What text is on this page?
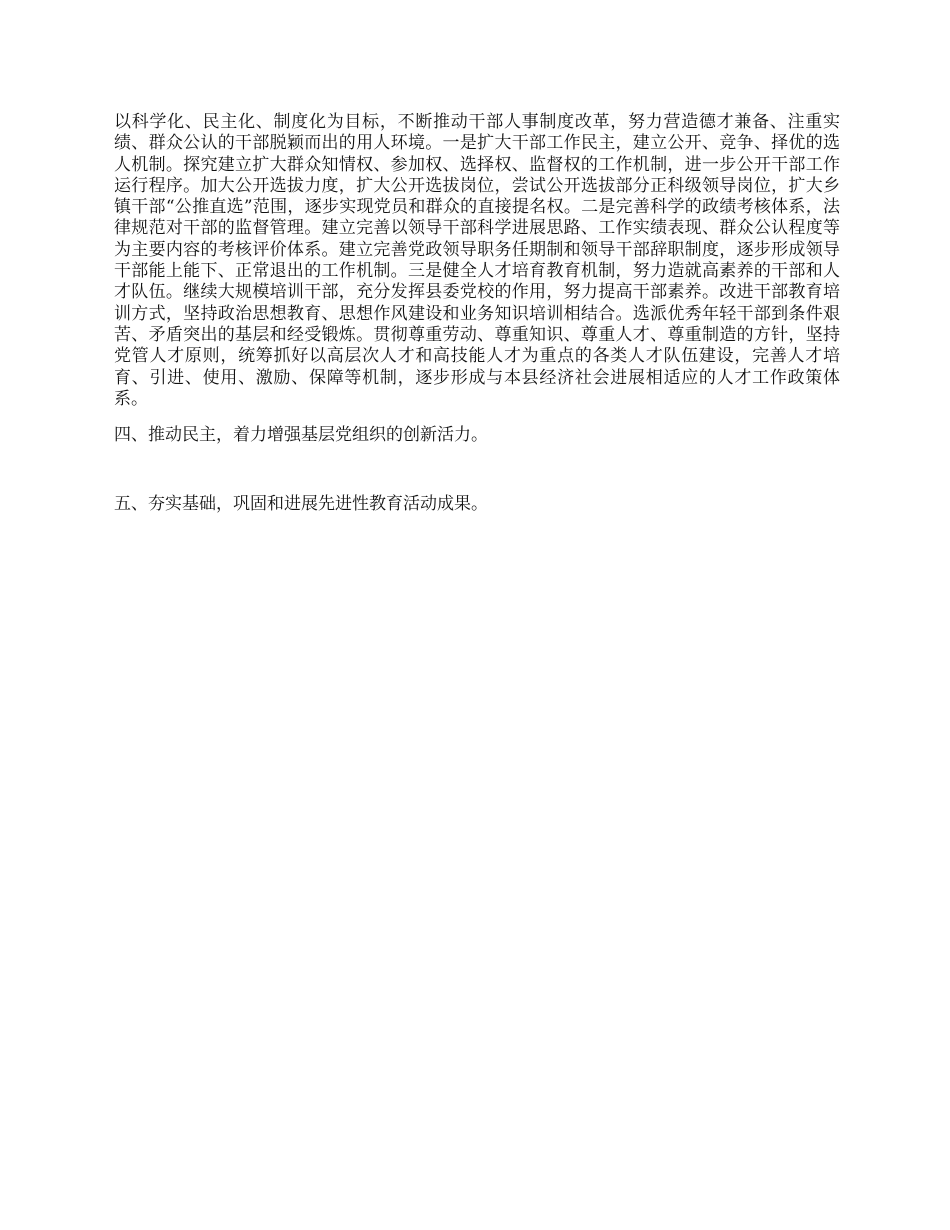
以科学化、民主化、制度化为目标，不断推动干部人事制度改革，努力营造德才兼备、注重实绩、群众公认的干部脱颖而出的用人环境。一是扩大干部工作民主，建立公开、竞争、择优的选人机制。探究建立扩大群众知情权、参加权、选择权、监督权的工作机制，进一步公开干部工作运行程序。加大公开选拔力度，扩大公开选拔岗位，尝试公开选拔部分正科级领导岗位，扩大乡镇干部“公推直选”范围，逐步实现党员和群众的直接提名权。二是完善科学的政绩考核体系，法律规范对干部的监督管理。建立完善以领导干部科学进展思路、工作实绩表现、群众公认程度等为主要内容的考核评价体系。建立完善党政领导职务任期制和领导干部辞职制度，逐步形成领导干部能上能下、正常退出的工作机制。三是健全人才培育教育机制，努力造就高素养的干部和人才队伍。继续大规模培训干部，充分发挥县委党校的作用，努力提高干部素养。改进干部教育培训方式，坚持政治思想教育、思想作风建设和业务知识培训相结合。选派优秀年轻干部到条件艰苦、矛盾突出的基层和经受锻炼。贯彻尊重劳动、尊重知识、尊重人才、尊重制造的方针，坚持党管人才原则，统筹抓好以高层次人才和高技能人才为重点的各类人才队伍建设，完善人才培育、引进、使用、激励、保障等机制，逐步形成与本县经济社会进展相适应的人才工作政策体系。

四、推动民主，着力增强基层党组织的创新活力。

五、夯实基础，巩固和进展先进性教育活动成果。
